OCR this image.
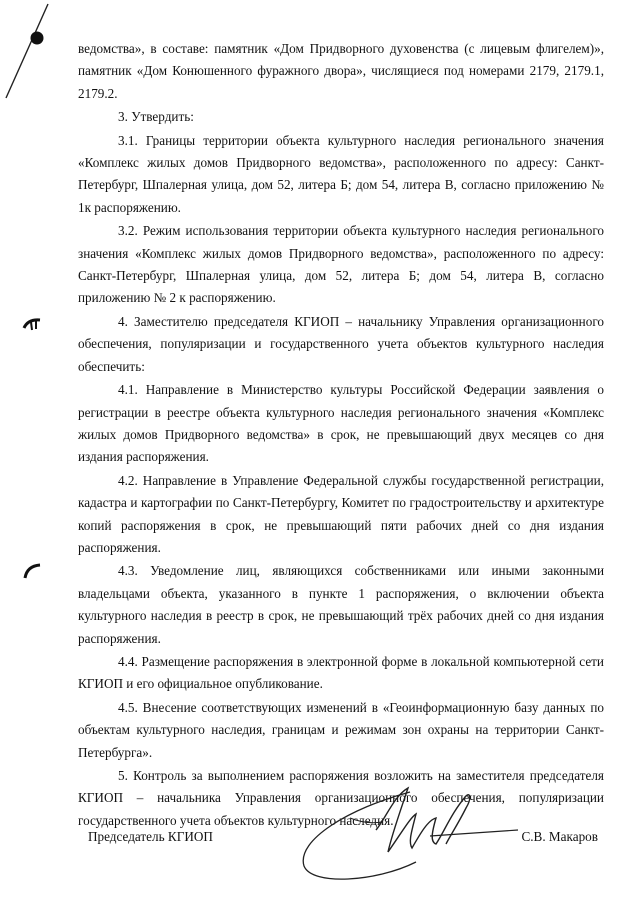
ведомства», в составе: памятник «Дом Придворного духовенства (с лицевым флигелем)», памятник «Дом Конюшенного фуражного двора», числящиеся под номерами 2179, 2179.1, 2179.2.

3. Утвердить:

3.1. Границы территории объекта культурного наследия регионального значения «Комплекс жилых домов Придворного ведомства», расположенного по адресу: Санкт-Петербург, Шпалерная улица, дом 52, литера Б; дом 54, литера В, согласно приложению № 1к распоряжению.

3.2. Режим использования территории объекта культурного наследия регионального значения «Комплекс жилых домов Придворного ведомства», расположенного по адресу: Санкт-Петербург, Шпалерная улица, дом 52, литера Б; дом 54, литера В, согласно приложению № 2 к распоряжению.

4. Заместителю председателя КГИОП – начальнику Управления организационного обеспечения, популяризации и государственного учета объектов культурного наследия обеспечить:

4.1. Направление в Министерство культуры Российской Федерации заявления о регистрации в реестре объекта культурного наследия регионального значения «Комплекс жилых домов Придворного ведомства» в срок, не превышающий двух месяцев со дня издания распоряжения.

4.2. Направление в Управление Федеральной службы государственной регистрации, кадастра и картографии по Санкт-Петербургу, Комитет по градостроительству и архитектуре копий распоряжения в срок, не превышающий пяти рабочих дней со дня издания распоряжения.

4.3. Уведомление лиц, являющихся собственниками или иными законными владельцами объекта, указанного в пункте 1 распоряжения, о включении объекта культурного наследия в реестр в срок, не превышающий трёх рабочих дней со дня издания распоряжения.

4.4. Размещение распоряжения в электронной форме в локальной компьютерной сети КГИОП и его официальное опубликование.

4.5. Внесение соответствующих изменений в «Геоинформационную базу данных по объектам культурного наследия, границам и режимам зон охраны на территории Санкт-Петербурга».

5. Контроль за выполнением распоряжения возложить на заместителя председателя КГИОП – начальника Управления организационного обеспечения, популяризации государственного учета объектов культурного наследия.

Председатель КГИОП	С.В. Макаров
